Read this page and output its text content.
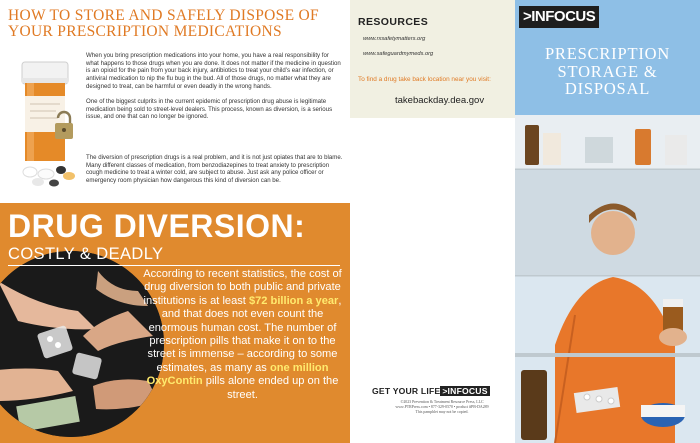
HOW TO STORE AND SAFELY DISPOSE OF YOUR PRESCRIPTION MEDICATIONS

When you bring prescription medications into your home, you have a real responsibility for what happens to those drugs when you are done. It does not matter if the medicine in question is an opioid for the pain from your back injury, antibiotics to treat your child’s ear infection, or antiviral medication to nip the flu bug in the bud. All of those drugs, no matter what they are designed to treat, can be harmful or even deadly in the wrong hands.

One of the biggest culprits in the current epidemic of prescription drug abuse is legitimate medication being sold to street-level dealers. This process, known as diversion, is a serious issue, and one that can no longer be ignored.

The diversion of prescription drugs is a real problem, and it is not just opiates that are to blame. Many different classes of medication, from benzodiazepines to treat anxiety to prescription cough medicine to treat a winter cold, are subject to abuse. Just ask any police officer or emergency room physician how dangerous this kind of diversion can be.
DRUG DIVERSION:
COSTLY & DEADLY
According to recent statistics, the cost of drug diversion to both public and private institutions is at least $72 billion a year, and that does not even count the enormous human cost. The number of prescription pills that make it on to the street is immense – according to some estimates, as many as one million OxyContin pills alone ended up on the street.
RESOURCES
www.rxsafetymatters.org
www.safeguardmymeds.org
To find a drug take back location near you visit:
takebackday.dea.gov
GET YOUR LIFE >INFOCUS
©2023 Prevention & Treatment Resource Press, LLC
www.PTRPress.com • 877-329-0570 • product #PB-DA289
This pamphlet may not be copied.
>INFOCUS
PRESCRIPTION
STORAGE &
DISPOSAL
